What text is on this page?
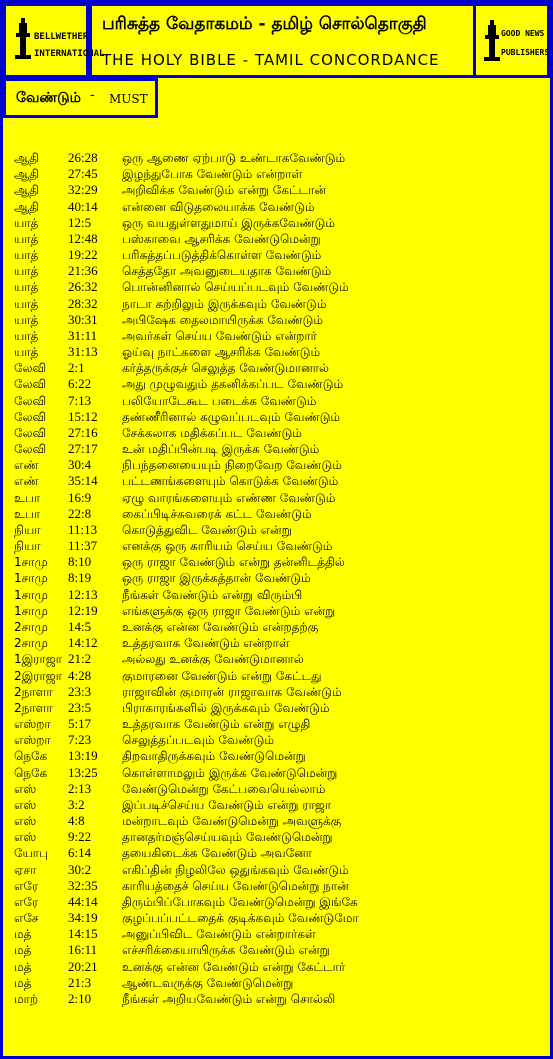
BELLWETHER
INTERNATIONAL
பரிசுத்த வேதாகமம் - தமிழ் சொல்தொகுதி
THE HOLY BIBLE - TAMIL CONCORDANCE
GOOD NEWS
PUBLISHERS
வேண்டும் - MUST
ஆதி 26:28 ஒரு ஆணை ஏற்பாடு உண்டாகவேண்டும்
ஆதி 27:45 இழந்துபோக வேண்டும் என்றாள்
ஆதி 32:29 அறிவிக்க வேண்டும் என்று கேட்டான்
ஆதி 40:14 என்னை விடுதலையாக்க வேண்டும்
யாத் 12:5	ஒரு வயதுள்ளதுமாய் இருக்கவேண்டும்
யாத் 12:48 பஸ்காவை ஆசரிக்க வேண்டுமென்று
யாத் 19:22 பரிசுத்தப்படுத்திக்கொள்ள வேண்டும்
யாத் 21:36 செத்ததோ அவனுடையதாக வேண்டும்
யாத் 26:32 பொன்னினால் செய்யப்படவும் வேண்டும்
யாத் 28:32 நாடா சுற்றிலும் இருக்கவும் வேண்டும்
யாத் 30:31 அபிஷேக தைலமாயிருக்க வேண்டும்
யாத் 31:11 அவர்கள் செய்ய வேண்டும் என்றார்
யாத் 31:13 ஓய்வு நாட்களை ஆசரிக்க வேண்டும்
லேவி 2:1	கர்த்தருக்குச் செலுத்த வேண்டுமானால்
லேவி 6:22	அது முழுவதும் தகனிக்கப்பட வேண்டும்
லேவி 7:13	பலியோடேகூட படைக்க வேண்டும்
லேவி 15:12 தண்ணீரினால் கழுவப்படவும் வேண்டும்
லேவி 27:16 சேக்கலாக மதிக்கப்பட வேண்டும்
லேவி 27:17 உன் மதிப்பின்படி இருக்க வேண்டும்
எண் 30:4	நிபந்தனையையும் நிறைவேற வேண்டும்
எண் 35:14 பட்டணங்களையும் கொடுக்க வேண்டும்
உபா 16:9	ஏழு வாரங்களையும் எண்ண வேண்டும்
உபா 22:8	கைப்பிடிச்சுவரைக் கட்ட வேண்டும்
நியா 11:13 கொடுத்துவிட வேண்டும் என்று
நியா 11:37 எனக்கு ஒரு காரியம் செய்ய வேண்டும்
1சாமு 8:10	ஒரு ராஜா வேண்டும் என்று தன்னிடத்தில்
1சாமு 8:19	ஒரு ராஜா இருக்கத்தான் வேண்டும்
1சாமு 12:13 நீங்கள் வேண்டும் என்று விரும்பி
1சாமு 12:19 எங்களுக்கு ஒரு ராஜா வேண்டும் என்று
2சாமு 14:5	உனக்கு என்ன வேண்டும் என்றதற்கு
2சாமு 14:12 உத்தரவாக வேண்டும் என்றாள்
1இராஜா 21:2	அல்லது உனக்கு வேண்டுமானால்
2இராஜா 4:28	குமாரனை வேண்டும் என்று கேட்டது
2நாளா 23:3	ராஜாவின் குமாரன் ராஜாவாக வேண்டும்
2நாளா 23:5	பிராகாரங்களில் இருக்கவும் வேண்டும்
எஸ்றா 5:17	உத்தரவாக வேண்டும் என்று எழுதி
எஸ்றா 7:23	செலுத்தப்படவும் வேண்டும்
நெகே 13:19 திறவாதிருக்கவும் வேண்டுமென்று
நெகே 13:25 கொள்ளாமலும் இருக்க வேண்டுமென்று
எஸ் 2:13	வேண்டுமென்று கேட்பவையெல்லாம்
எஸ் 3:2	இப்படிச்செய்ய வேண்டும் என்று ராஜா
எஸ் 4:8	மன்றாடவும் வேண்டுமென்று அவளுக்கு
எஸ் 9:22	தானதர்மஞ்செய்யவும் வேண்டுமென்று
யோபு 6:14	தயைகிடைக்க வேண்டும் அவனோ
ஏசா 30:2	எகிப்தின் நிழலிலே ஒதுங்கவும் வேண்டும்
எரே 32:35 காரியத்தைச் செய்ய வேண்டுமென்று நான்
எரே 44:14 திரும்பிப்போகவும் வேண்டுமென்று இங்கே
எசே 34:19 குழப்பப்பட்டதைக் குடிக்கவும் வேண்டுமோ
மத்	14:15 அனுப்பிவிட வேண்டும் என்றார்கள்
மத்	16:11 எச்சரிக்கையாயிருக்க வேண்டும் என்று
மத்	20:21 உனக்கு என்ன வேண்டும் என்று கேட்டார்
மத்	21:3	ஆண்டவருக்கு வேண்டுமென்று
மாற் 2:10	நீங்கள் அறியவேண்டும் என்று சொல்லி
